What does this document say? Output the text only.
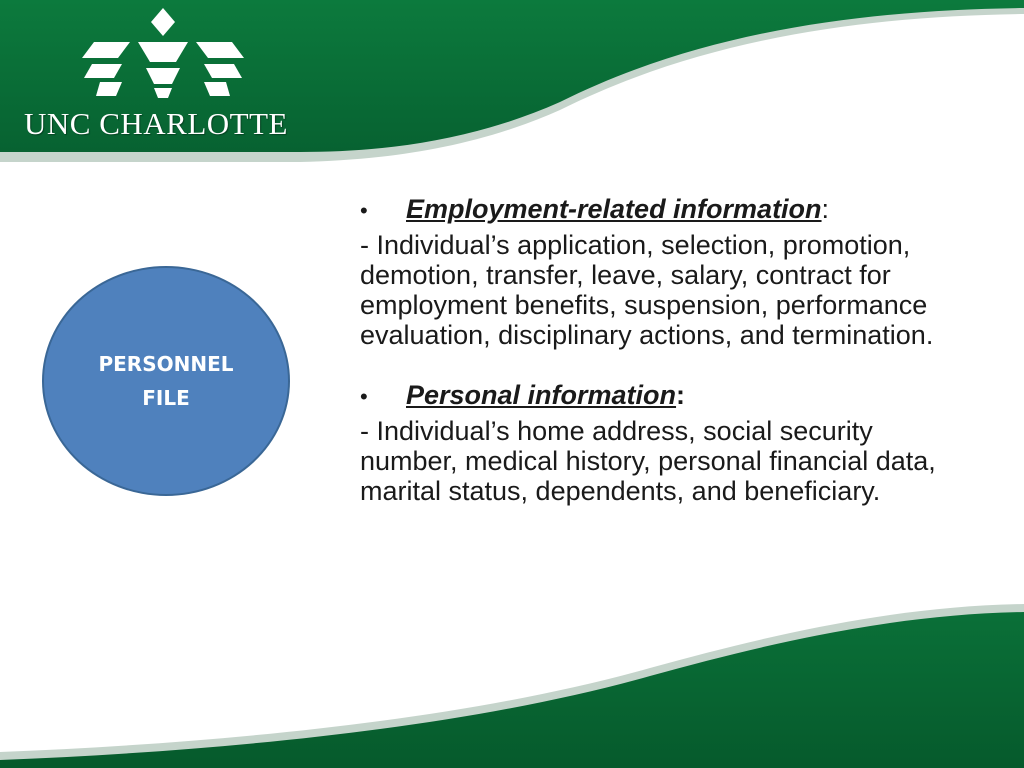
UNC CHARLOTTE
PERSONNEL
FILE
•	Employment-related information :
- Individual’s application, selection, promotion, demotion, transfer, leave, salary, contract for employment benefits, suspension, performance evaluation, disciplinary actions, and termination.
•	Personal information :
- Individual’s home address, social security number, medical history, personal financial data, marital status, dependents, and beneficiary.
